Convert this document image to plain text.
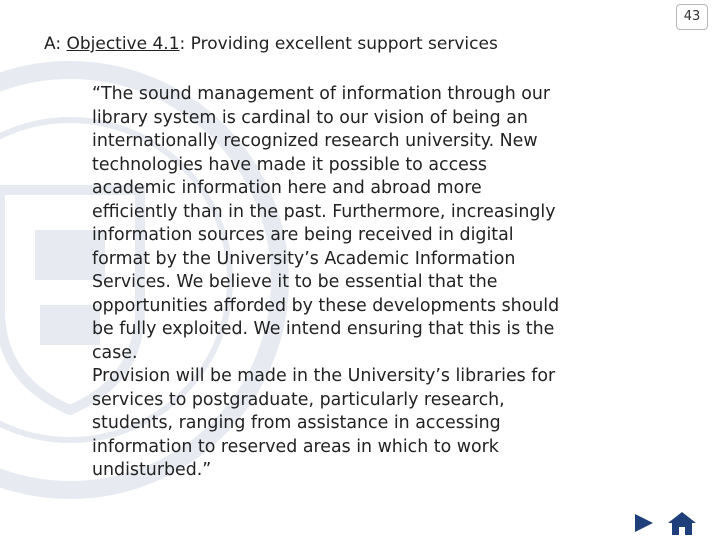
43
A: Objective 4.1: Providing excellent support services
“The sound management of information through our
library system is cardinal to our vision of being an
internationally recognized research university. New
technologies have made it possible to access
academic information here and abroad more
efficiently than in the past. Furthermore, increasingly
information sources are being received in digital
format by the University’s Academic Information
Services. We believe it to be essential that the
opportunities afforded by these developments should
be fully exploited. We intend ensuring that this is the
case.
Provision will be made in the University’s libraries for
services to postgraduate, particularly research,
students, ranging from assistance in accessing
information to reserved areas in which to work
undisturbed.”
